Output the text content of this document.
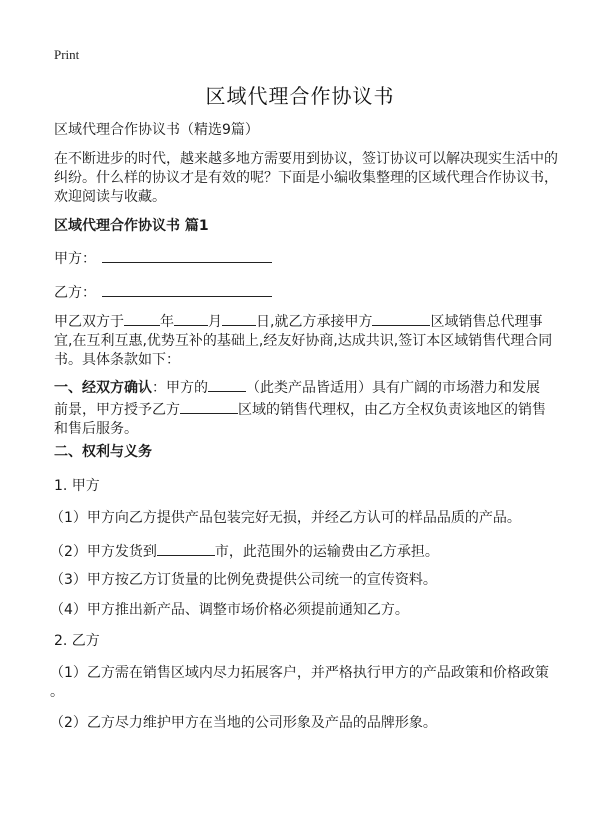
Print
区域代理合作协议书
区域代理合作协议书（精选9篇）
在不断进步的时代，越来越多地方需要用到协议，签订协议可以解决现实生活中的
纠纷。什么样的协议才是有效的呢？下面是小编收集整理的区域代理合作协议书，
欢迎阅读与收藏。
区域代理合作协议书 篇1
甲方：
乙方：
甲乙双方于	年 月 日,就乙方承接甲方	区域销售总代理事
宜,在互利互惠,优势互补的基础上,经友好协商,达成共识,签订本区域销售代理合同
书。具体条款如下：
一、经双方确认：甲方的	（此类产品皆适用）具有广阔的市场潜力和发展
前景，甲方授予乙方	区域的销售代理权，由乙方全权负责该地区的销售
和售后服务。
二、权利与义务
1. 甲方
（1）甲方向乙方提供产品包装完好无损，并经乙方认可的样品品质的产品。
（2）甲方发货到	市，此范围外的运输费由乙方承担。
（3）甲方按乙方订货量的比例免费提供公司统一的宣传资料。
（4）甲方推出新产品、调整市场价格必须提前通知乙方。
2. 乙方
（1）乙方需在销售区域内尽力拓展客户，并严格执行甲方的产品政策和价格政策
。
（2）乙方尽力维护甲方在当地的公司形象及产品的品牌形象。
